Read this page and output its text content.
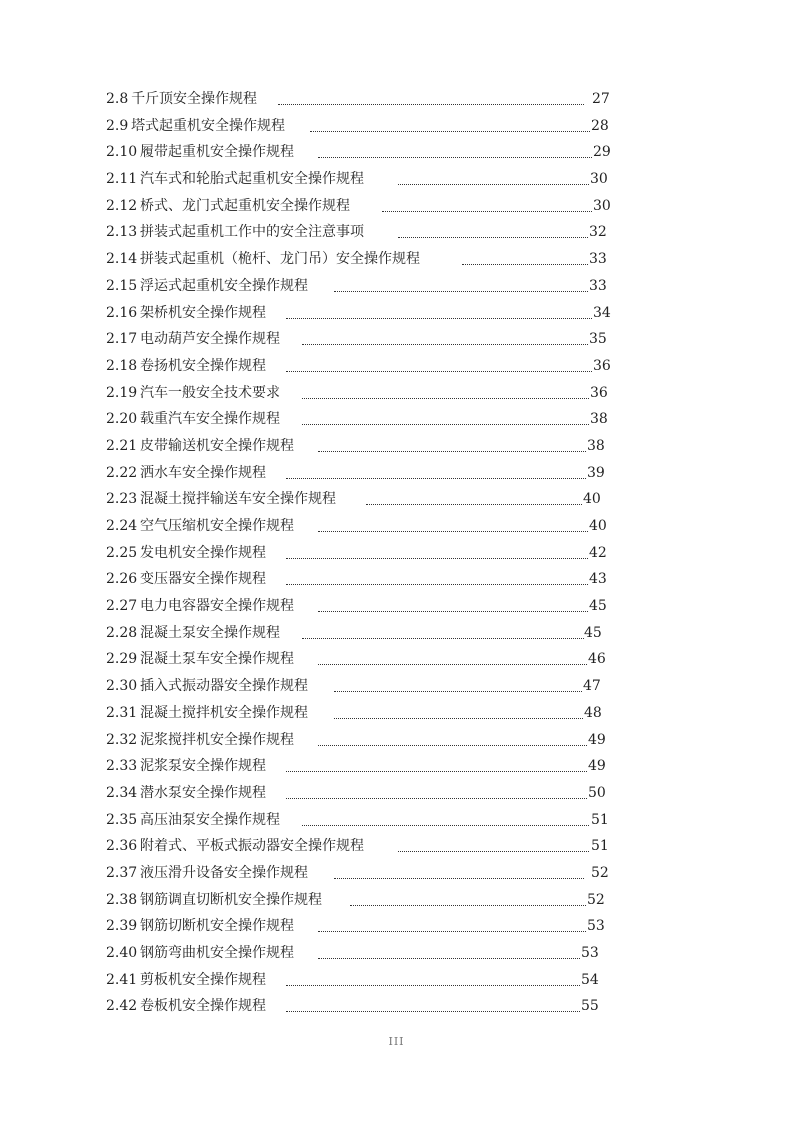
2.8  千斤顶安全操作规程	27
2.9  塔式起重机安全操作规程	28
2.10  履带起重机安全操作规程	29
2.11  汽车式和轮胎式起重机安全操作规程	30
2.12  桥式、龙门式起重机安全操作规程	30
2.13  拼装式起重机工作中的安全注意事项	32
2.14  拼装式起重机（桅杆、龙门吊）安全操作规程	33
2.15  浮运式起重机安全操作规程	33
2.16  架桥机安全操作规程	34
2.17  电动葫芦安全操作规程	35
2.18  卷扬机安全操作规程	36
2.19  汽车一般安全技术要求	36
2.20  载重汽车安全操作规程	38
2.21  皮带输送机安全操作规程	38
2.22  洒水车安全操作规程	39
2.23  混凝土搅拌输送车安全操作规程	40
2.24  空气压缩机安全操作规程	40
2.25  发电机安全操作规程	42
2.26  变压器安全操作规程	43
2.27  电力电容器安全操作规程	45
2.28  混凝土泵安全操作规程	45
2.29  混凝土泵车安全操作规程	46
2.30  插入式振动器安全操作规程	47
2.31  混凝土搅拌机安全操作规程	48
2.32  泥浆搅拌机安全操作规程	49
2.33  泥浆泵安全操作规程	49
2.34  潜水泵安全操作规程	50
2.35  高压油泵安全操作规程	51
2.36  附着式、平板式振动器安全操作规程	51
2.37  液压滑升设备安全操作规程	52
2.38  钢筋调直切断机安全操作规程	52
2.39  钢筋切断机安全操作规程	53
2.40  钢筋弯曲机安全操作规程	53
2.41  剪板机安全操作规程	54
2.42  卷板机安全操作规程	55
III
